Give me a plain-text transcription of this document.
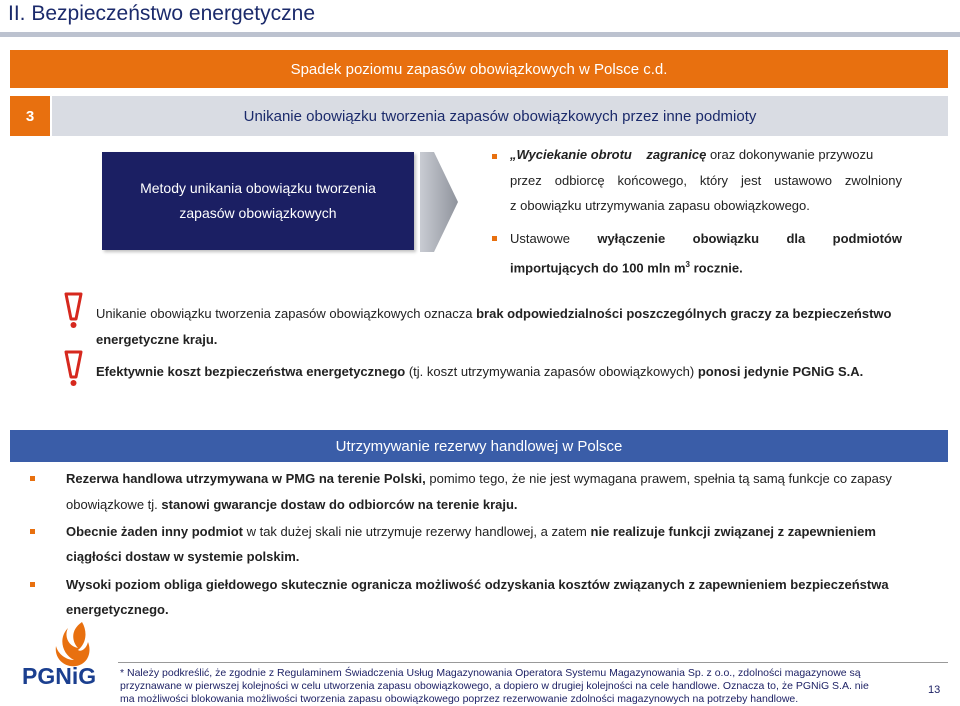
II. Bezpieczeństwo energetyczne
Spadek poziomu zapasów obowiązkowych w Polsce c.d.
3	Unikanie obowiązku tworzenia zapasów obowiązkowych przez inne podmioty
Metody unikania obowiązku tworzenia
zapasów obowiązkowych
„Wyciekanie obrotu zagranicę oraz dokonywanie przywozu
przez odbiorcę końcowego, który jest ustawowo zwolniony
z obowiązku utrzymywania zapasu obowiązkowego.
Ustawowe wyłączenie obowiązku dla podmiotów
importujących do 100 mln $m^3$ rocznie.
Unikanie obowiązku tworzenia zapasów obowiązkowych oznacza brak odpowiedzialności poszczególnych graczy za bezpieczeństwo
energetyczne kraju.
Efektywnie koszt bezpieczeństwa energetycznego (tj. koszt utrzymywania zapasów obowiązkowych) ponosi jedynie PGNiG S.A.
Utrzymywanie rezerwy handlowej w Polsce
Rezerwa handlowa utrzymywana w PMG na terenie Polski, pomimo tego, że nie jest wymagana prawem, spełnia tą samą funkcje co zapasy
obowiązkowe tj. stanowi gwarancje dostaw do odbiorców na terenie kraju.
Obecnie żaden inny podmiot w tak dużej skali nie utrzymuje rezerwy handlowej, a zatem nie realizuje funkcji związanej z zapewnieniem
ciągłości dostaw w systemie polskim.
Wysoki poziom obliga giełdowego skutecznie ogranicza możliwość odzyskania kosztów związanych z zapewnieniem bezpieczeństwa
energetycznego.
PGNiG * Należy podkreślić, że zgodnie z Regulaminem Świadczenia Usług Magazynowania Operatora Systemu Magazynowania Sp. z o.o., zdolności magazynowe są
przyznawane w pierwszej kolejności w celu utworzenia zapasu obowiązkowego, a dopiero w drugiej kolejności na cele handlowe. Oznacza to, że PGNiG S.A. nie
ma możliwości blokowania możliwości tworzenia zapasu obowiązkowego poprzez rezerwowanie zdolności magazynowych na potrzeby handlowe.
13
